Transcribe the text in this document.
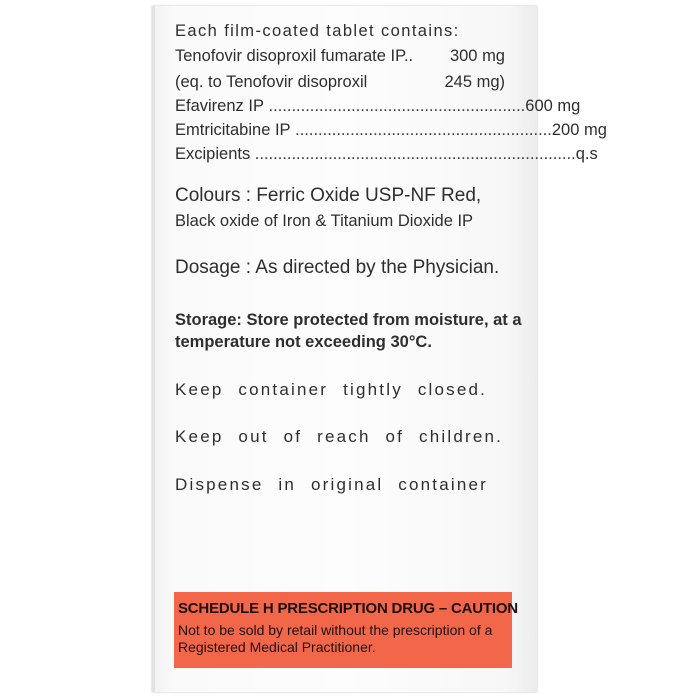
Each film-coated tablet contains:
Tenofovir disoproxil fumarate IP.. 300 mg
(eq. to Tenofovir disoproxil	245 mg)
Efavirenz IP ........................................................ 600 mg
Emtricitabine IP ........................................................ 200 mg
Excipients ...................................................................... q.s
Colours : Ferric Oxide USP-NF Red,
Black oxide of Iron & Titanium Dioxide IP
Dosage : As directed by the Physician.
Storage: Store protected from moisture, at a
temperature not exceeding 30°C.
Keep container tightly closed.
Keep out of reach of children.
Dispense in original container
SCHEDULE H PRESCRIPTION DRUG – CAUTION
Not to be sold by retail without the prescription of a Registered Medical Practitioner.
